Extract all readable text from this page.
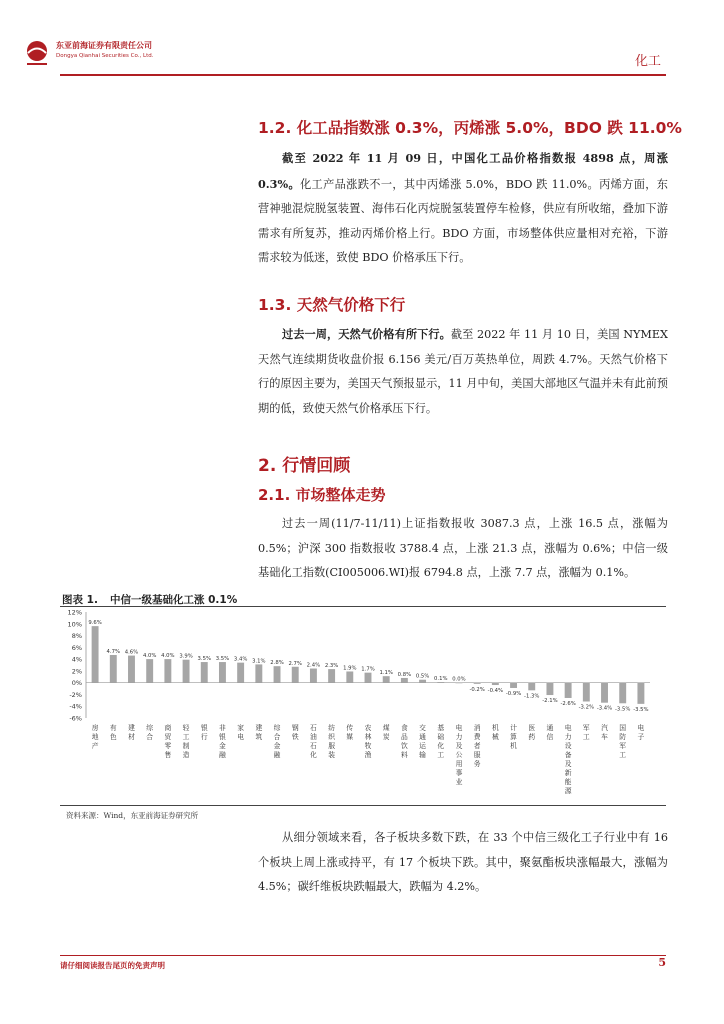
东亚前海证券有限责任公司
Dongya Qianhai Securities Co., Ltd.	化工
1.2. 化工品指数涨 0.3%，丙烯涨 5.0%，BDO 跌 11.0%

截至 2022 年 11 月 09 日，中国化工品价格指数报 4898 点，周涨 0.3%。化工产品涨跌不一，其中丙烯涨 5.0%，BDO 跌 11.0%。丙烯方面，东营神驰混烷脱氢装置、海伟石化丙烷脱氢装置停车检修，供应有所收缩，叠加下游需求有所复苏，推动丙烯价格上行。BDO 方面，市场整体供应量相对充裕，下游需求较为低迷，致使 BDO 价格承压下行。

1.3. 天然气价格下行

过去一周，天然气价格有所下行。截至 2022 年 11 月 10 日，美国 NYMEX 天然气连续期货收盘价报 6.156 美元/百万英热单位，周跌 4.7%。天然气价格下行的原因主要为，美国天气预报显示，11 月中旬，美国大部地区气温并未有此前预期的低，致使天然气价格承压下行。

2. 行情回顾
2.1. 市场整体走势

过去一周(11/7-11/11)上证指数报收 3087.3 点，上涨 16.5 点，涨幅为 0.5%；沪深 300 指数报收 3788.4 点，上涨 21.3 点，涨幅为 0.6%；中信一级基础化工指数(CI005006.WI)报 6794.8 点，上涨 7.7 点，涨幅为 0.1%。

图表 1. 中信一级基础化工涨 0.1%
12%
10%
8%
6%
4%
2%
0%
-2%
-4%
-6%
9.6%
房
地
产
4.7%
有
色
4.6%
建
材
4.0%
综
合
4.0%
商
贸
零
售
3.9%
轻
工
制
造
3.5%
银
行
3.5%
非
银
金
融
3.4%
家
电
3.1%
建
筑
2.8%
综
合
金
融
2.7%
钢
铁
2.4%
石
油
石
化
2.3%
纺
织
服
装
1.9%
传
媒
1.7%
农
林
牧
渔
1.1%
煤
炭
0.8%
食
品
饮
料
0.5%
交
通
运
输
0.1%
基
础
化
工
0.0%
电
力
及
公
用
事
业
-0.2%
消
费
者
服
务
-0.4%
机
械
-0.9%
计
算
机
-1.3%
医
药
-2.1%
通
信
-2.6%
电
力
设
备
及
新
能
源
-3.2%
军
工
-3.4%
汽
车
-3.5%
国
防
军
工
-3.5%
电
子
资料来源：Wind，东亚前海证券研究所

从细分领域来看，各子板块多数下跌，在 33 个中信三级化工子行业中有 16 个板块上周上涨或持平，有 17 个板块下跌。其中，聚氨酯板块涨幅最大，涨幅为 4.5%；碳纤维板块跌幅最大，跌幅为 4.2%。

请仔细阅读报告尾页的免责声明	5
